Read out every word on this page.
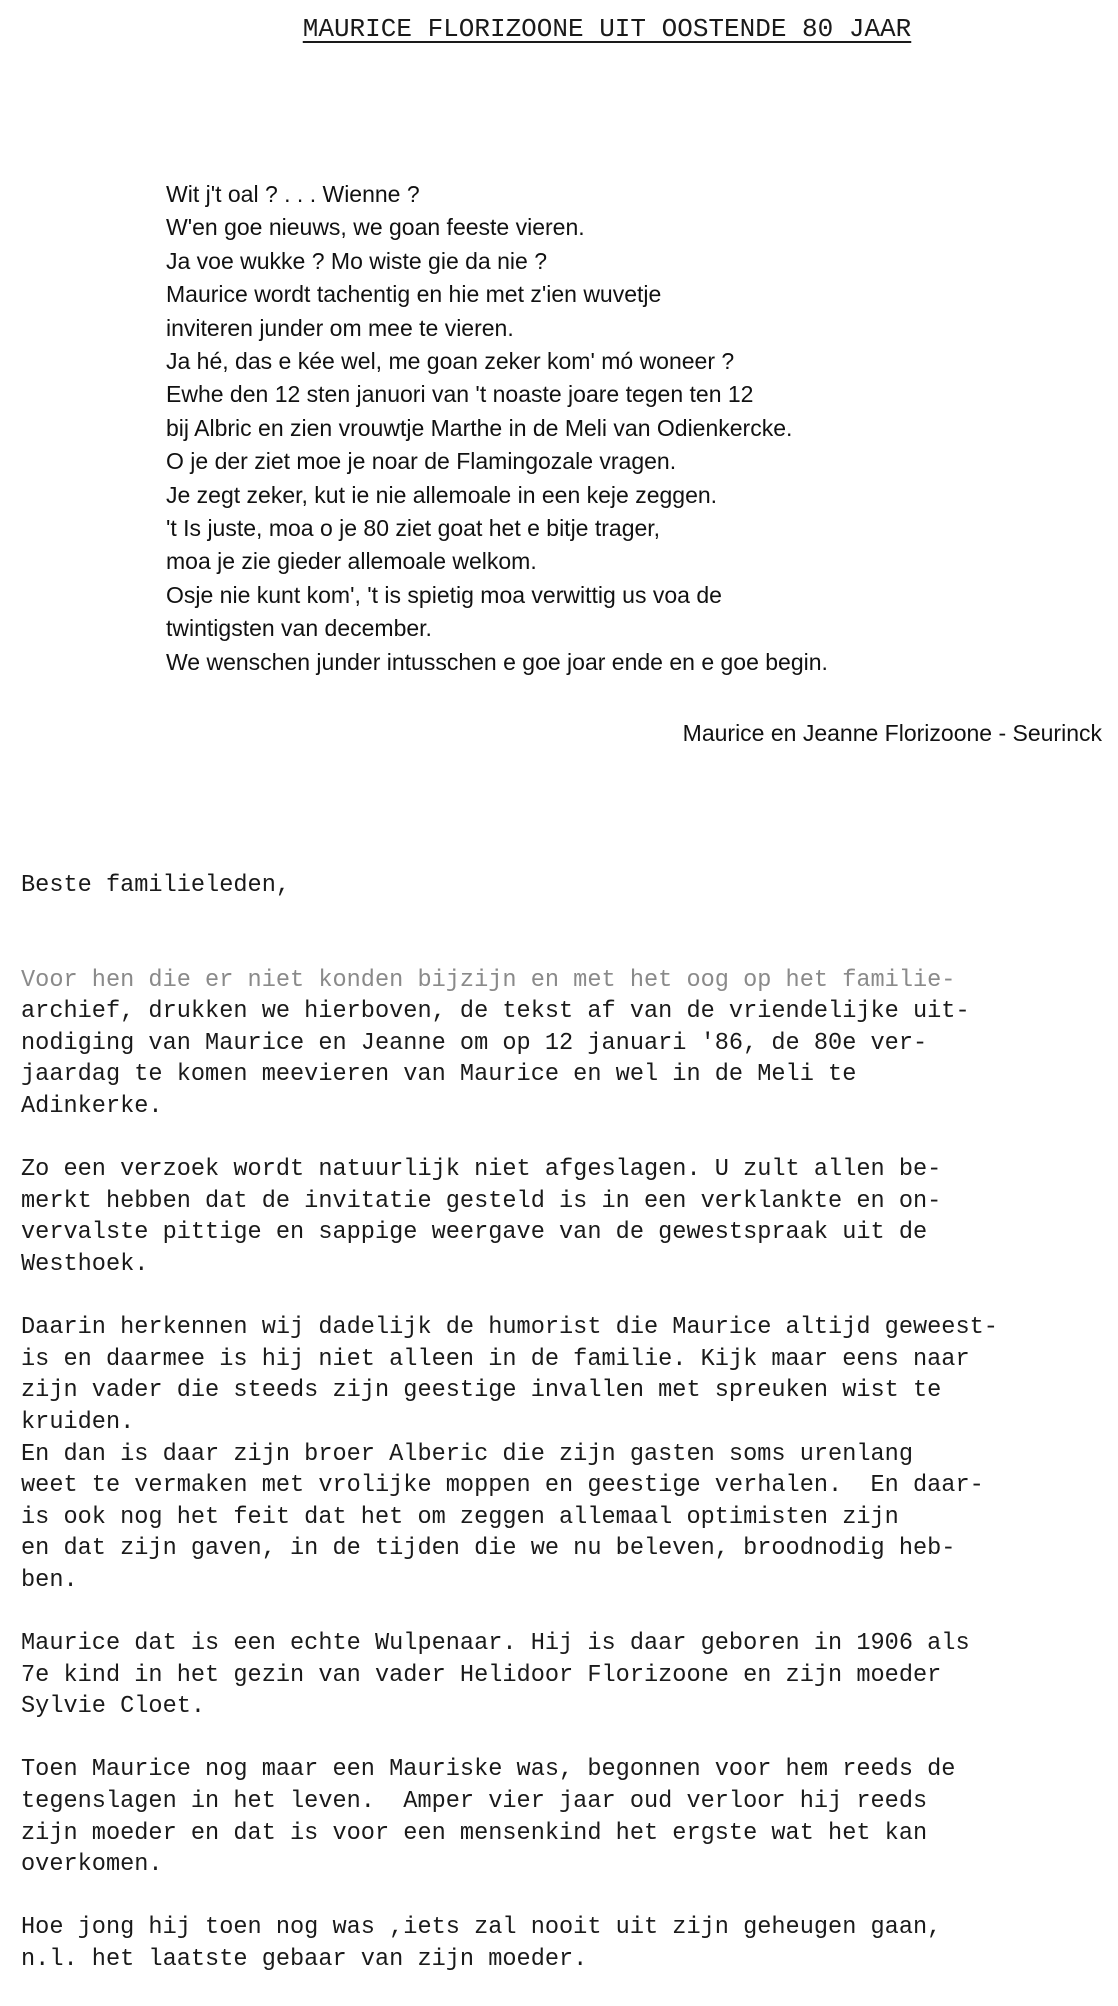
MAURICE FLORIZOONE UIT OOSTENDE 80 JAAR
Wit j't oal ? . . . Wienne ?
W'en goe nieuws, we goan feeste vieren.
Ja voe wukke ? Mo wiste gie da nie ?
Maurice wordt tachentig en hie met z'ien wuvetje
inviteren junder om mee te vieren.
Ja hé, das e kée wel, me goan zeker kom' mó woneer ?
Ewhe den 12 sten januori van 't noaste joare tegen ten 12
bij Albric en zien vrouwtje Marthe in de Meli van Odienkercke.
O je der ziet moe je noar de Flamingozale vragen.
Je zegt zeker, kut ie nie allemoale in een keje zeggen.
't Is juste, moa o je 80 ziet goat het e bitje trager,
moa je zie gieder allemoale welkom.
Osje nie kunt kom', 't is spietig moa verwittig us voa de
twintigsten van december.
We wenschen junder intusschen e goe joar ende en e goe begin.

Maurice en Jeanne Florizoone - Seurinck

Beste familieleden,

Voor hen die er niet konden bijzijn en met het oog op het familie-

archief, drukken we hierboven, de tekst af van de vriendelijke uit-

nodiging van Maurice en Jeanne om op 12 januari '86, de 80e ver-

jaardag te komen meevieren van Maurice en wel in de Meli te

Adinkerke.

Zo een verzoek wordt natuurlijk niet afgeslagen. U zult allen be-

merkt hebben dat de invitatie gesteld is in een verklankte en on-

vervalste pittige en sappige weergave van de gewestspraak uit de

Westhoek.

Daarin herkennen wij dadelijk de humorist die Maurice altijd geweest-

is en daarmee is hij niet alleen in de familie. Kijk maar eens naar

zijn vader die steeds zijn geestige invallen met spreuken wist te

kruiden.

En dan is daar zijn broer Alberic die zijn gasten soms urenlang

weet te vermaken met vrolijke moppen en geestige verhalen.  En daar-

is ook nog het feit dat het om zeggen allemaal optimisten zijn

en dat zijn gaven, in de tijden die we nu beleven, broodnodig heb-

ben.

Maurice dat is een echte Wulpenaar. Hij is daar geboren in 1906 als

7e kind in het gezin van vader Helidoor Florizoone en zijn moeder

Sylvie Cloet.

Toen Maurice nog maar een Mauriske was, begonnen voor hem reeds de

tegenslagen in het leven.  Amper vier jaar oud verloor hij reeds

zijn moeder en dat is voor een mensenkind het ergste wat het kan

overkomen.

Hoe jong hij toen nog was ,iets zal nooit uit zijn geheugen gaan,

n.l. het laatste gebaar van zijn moeder.
